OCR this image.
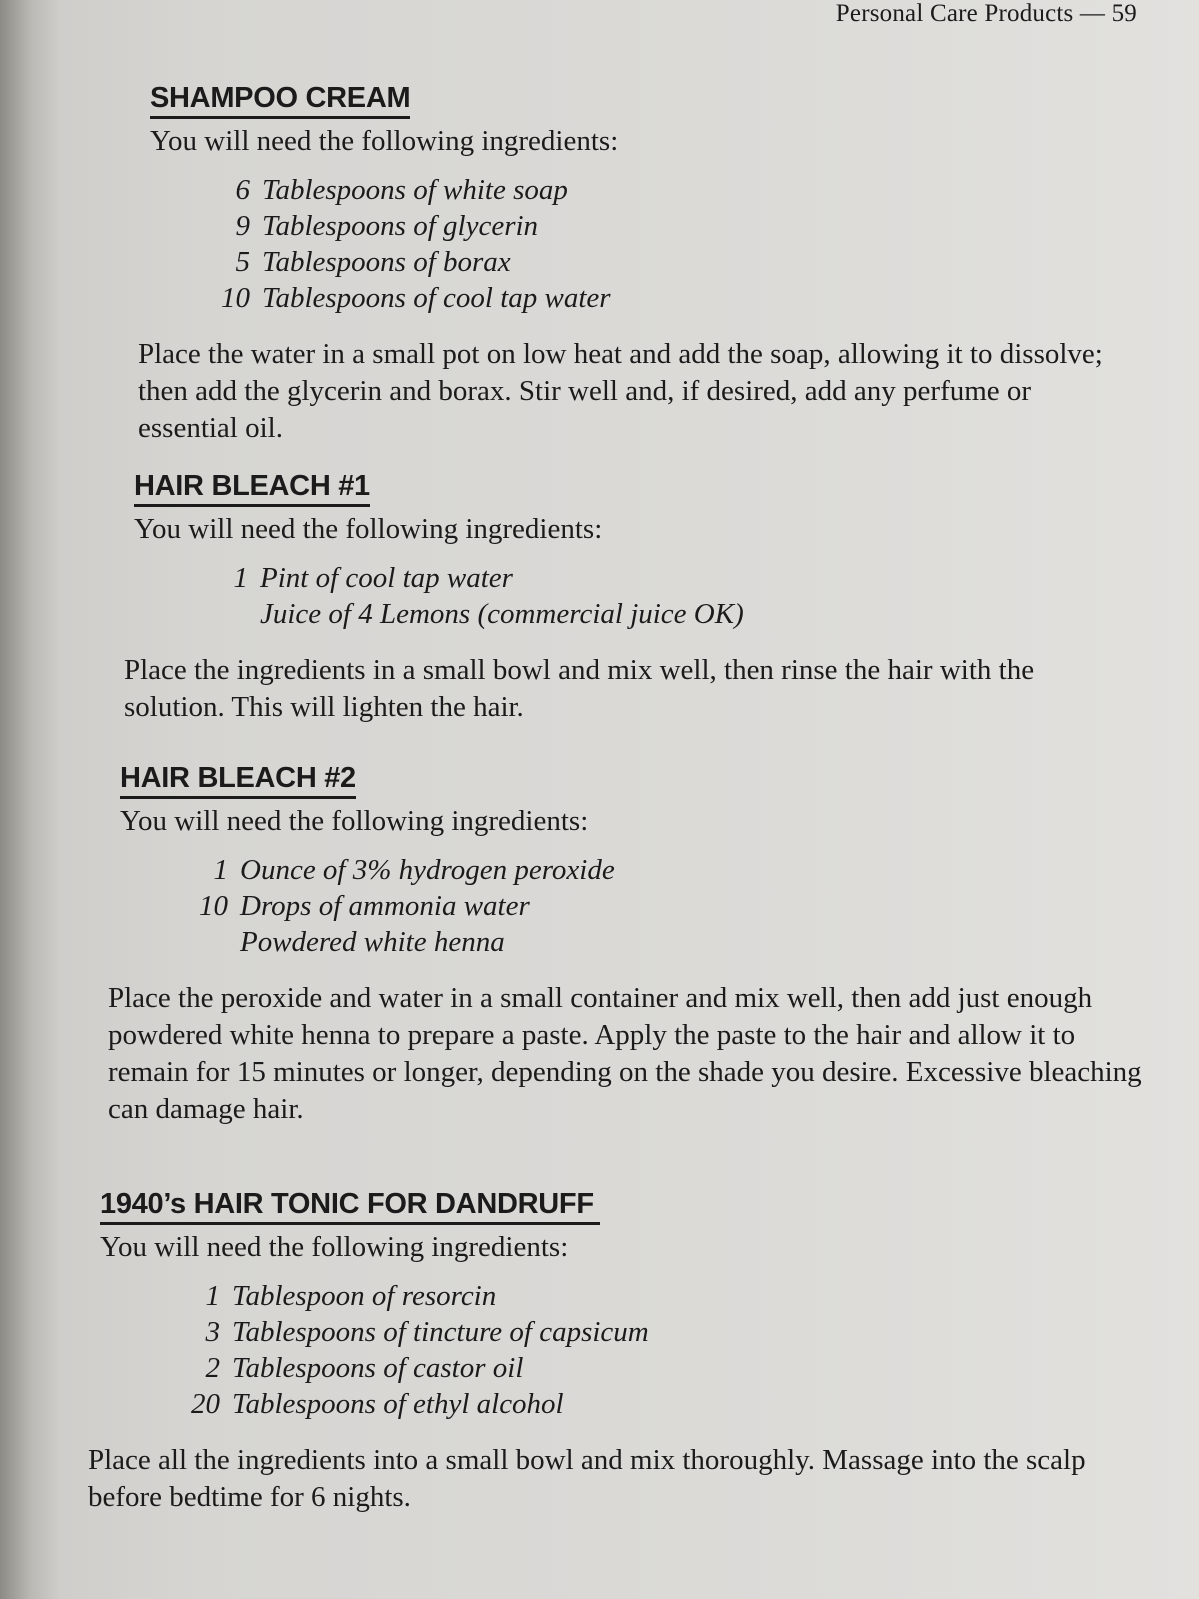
Personal Care Products — 59
SHAMPOO CREAM

You will need the following ingredients:

6 Tablespoons of white soap
9 Tablespoons of glycerin
5 Tablespoons of borax
10 Tablespoons of cool tap water

Place the water in a small pot on low heat and add the soap, allowing it to dissolve; then add the glycerin and borax. Stir well and, if desired, add any perfume or essential oil.

HAIR BLEACH #1

You will need the following ingredients:

1 Pint of cool tap water
Juice of 4 Lemons (commercial juice OK)

Place the ingredients in a small bowl and mix well, then rinse the hair with the solution. This will lighten the hair.

HAIR BLEACH #2

You will need the following ingredients:

1 Ounce of 3% hydrogen peroxide
10 Drops of ammonia water
Powdered white henna

Place the peroxide and water in a small container and mix well, then add just enough powdered white henna to prepare a paste. Apply the paste to the hair and allow it to remain for 15 minutes or longer, depending on the shade you desire. Excessive bleaching can damage hair.

1940’s HAIR TONIC FOR DANDRUFF

You will need the following ingredients:

1 Tablespoon of resorcin
3 Tablespoons of tincture of capsicum
2 Tablespoons of castor oil
20 Tablespoons of ethyl alcohol

Place all the ingredients into a small bowl and mix thoroughly. Massage into the scalp before bedtime for 6 nights.
